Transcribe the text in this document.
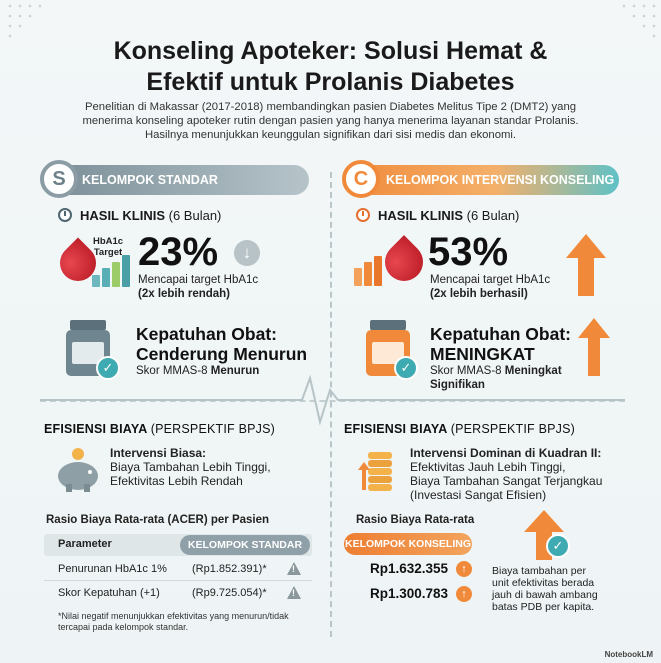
Konseling Apoteker: Solusi Hemat &
Efektif untuk Prolanis Diabetes
Penelitian di Makassar (2017-2018) membandingkan pasien Diabetes Melitus Tipe 2 (DMT2) yang menerima konseling apoteker rutin dengan pasien yang hanya menerima layanan standar Prolanis. Hasilnya menunjukkan keunggulan signifikan dari sisi medis dan ekonomi.
KELOMPOK STANDAR
S
HASIL KLINIS (6 Bulan)
HbA1c
Target 23%	↓
Mencapai target HbA1c
(2x lebih rendah)
✓
Kepatuhan Obat:
Cenderung Menurun
Skor MMAS-8 Menurun
EFISIENSI BIAYA (PERSPEKTIF BPJS)
Intervensi Biasa:
Biaya Tambahan Lebih Tinggi,
Efektivitas Lebih Rendah
Rasio Biaya Rata-rata (ACER) per Pasien
Parameter	KELOMPOK STANDAR
Penurunan HbA1c 1% (Rp1.852.391)*	!
Skor Kepatuhan (+1)	(Rp9.725.054)*	!
*Nilai negatif menunjukkan efektivitas yang menurun/tidak tercapai pada kelompok standar.
KELOMPOK INTERVENSI KONSELING
C
HASIL KLINIS (6 Bulan)
53%
Mencapai target HbA1c
(2x lebih berhasil)
✓
Kepatuhan Obat:
MENINGKAT
Skor MMAS-8 Meningkat
Signifikan
EFISIENSI BIAYA (PERSPEKTIF BPJS)
Intervensi Dominan di Kuadran II:
Efektivitas Jauh Lebih Tinggi,
Biaya Tambahan Sangat Terjangkau
(Investasi Sangat Efisien)
Rasio Biaya Rata-rata
KELOMPOK KONSELING
Rp1.632.355	↑
Rp1.300.783	↑
✓
Biaya tambahan per
unit efektivitas berada
jauh di bawah ambang
batas PDB per kapita.
NotebookLM
